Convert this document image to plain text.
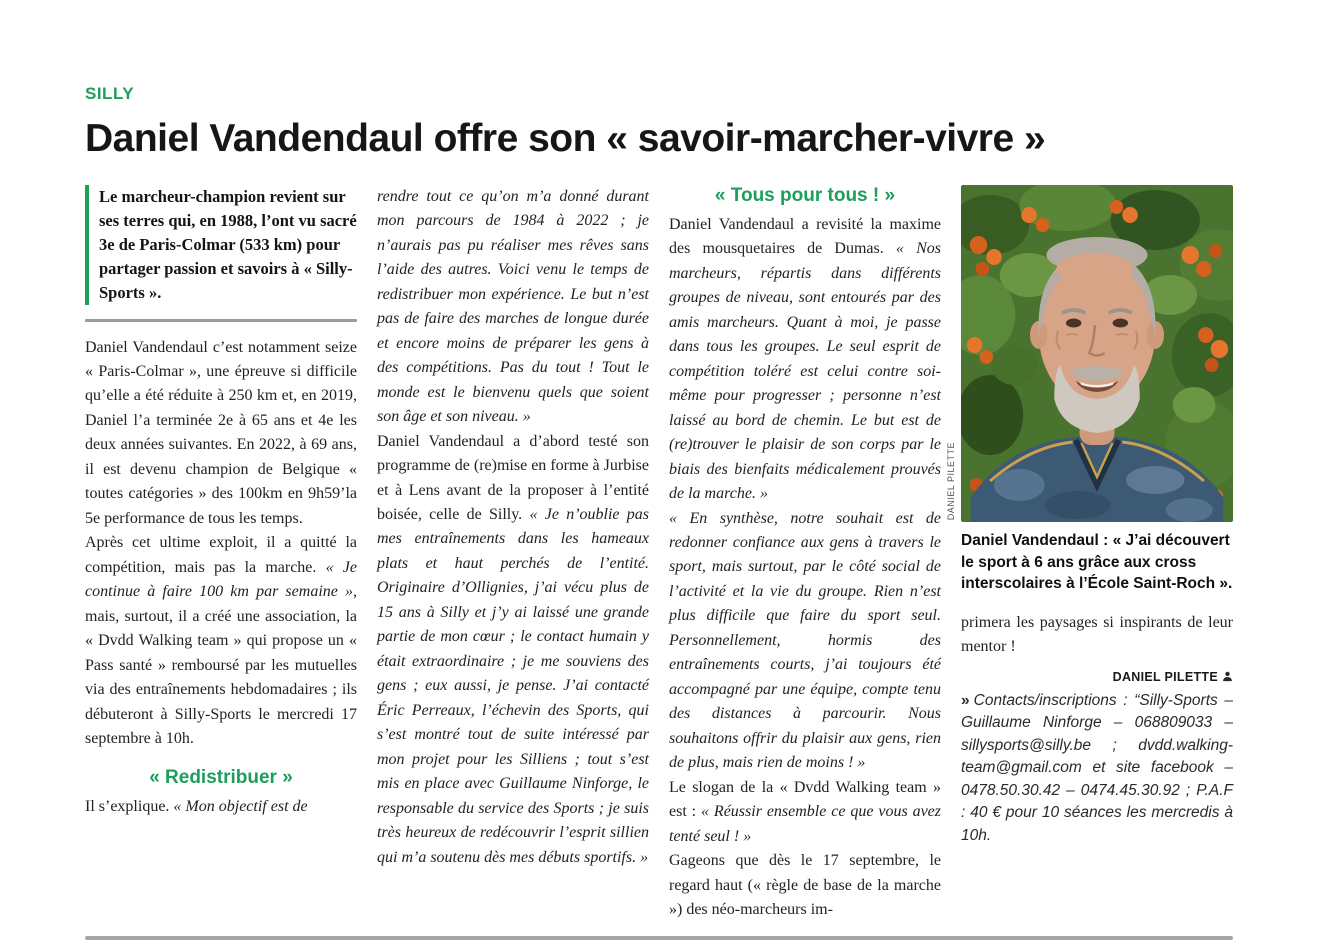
SILLY
Daniel Vandendaul offre son « savoir-marcher-vivre »
Le marcheur-champion revient sur ses terres qui, en 1988, l’ont vu sacré 3e de Paris-Colmar (533 km) pour partager passion et savoirs à « Silly-Sports ».

Daniel Vandendaul c’est notamment seize « Paris-Colmar », une épreuve si difficile qu’elle a été réduite à 250 km et, en 2019, Daniel l’a terminée 2e à 65 ans et 4e les deux années suivantes. En 2022, à 69 ans, il est devenu champion de Belgique « toutes catégories » des 100km en 9h59’la 5e performance de tous les temps.

Après cet ultime exploit, il a quitté la compétition, mais pas la marche. « Je continue à faire 100 km par semaine », mais, surtout, il a créé une association, la « Dvdd Walking team » qui propose un « Pass santé » remboursé par les mutuelles via des entraînements hebdomadaires ; ils débuteront à Silly-Sports le mercredi 17 septembre à 10h.

« Redistribuer »

Il s’explique. « Mon objectif est de

rendre tout ce qu’on m’a donné durant mon parcours de 1984 à 2022 ; je n’aurais pas pu réaliser mes rêves sans l’aide des autres. Voici venu le temps de redistribuer mon expérience. Le but n’est pas de faire des marches de longue durée et encore moins de préparer les gens à des compétitions. Pas du tout ! Tout le monde est le bienvenu quels que soient son âge et son niveau. »

Daniel Vandendaul a d’abord testé son programme de (re)mise en forme à Jurbise et à Lens avant de la proposer à l’entité boisée, celle de Silly. « Je n’oublie pas mes entraînements dans les hameaux plats et haut perchés de l’entité. Originaire d’Ollignies, j’ai vécu plus de 15 ans à Silly et j’y ai laissé une grande partie de mon cœur ; le contact humain y était extraordinaire ; je me souviens des gens ; eux aussi, je pense. J’ai contacté Éric Perreaux, l’échevin des Sports, qui s’est montré tout de suite intéressé par mon projet pour les Silliens ; tout s’est mis en place avec Guillaume Ninforge, le responsable du service des Sports ; je suis très heureux de redécouvrir l’esprit sillien qui m’a soutenu dès mes débuts sportifs. »

« Tous pour tous ! »

Daniel Vandendaul a revisité la maxime des mousquetaires de Dumas. « Nos marcheurs, répartis dans différents groupes de niveau, sont entourés par des amis marcheurs. Quant à moi, je passe dans tous les groupes. Le seul esprit de compétition toléré est celui contre soi-même pour progresser ; personne n’est laissé au bord de chemin. Le but est de (re)trouver le plaisir de son corps par le biais des bienfaits médicalement prouvés de la marche. »

« En synthèse, notre souhait est de redonner confiance aux gens à travers le sport, mais surtout, par le côté social de l’activité et la vie du groupe. Rien n’est plus difficile que faire du sport seul. Personnellement, hormis des entraînements courts, j’ai toujours été accompagné par une équipe, compte tenu des distances à parcourir. Nous souhaitons offrir du plaisir aux gens, rien de plus, mais rien de moins ! »

Le slogan de la « Dvdd Walking team » est : « Réussir ensemble ce que vous avez tenté seul ! »

Gageons que dès le 17 septembre, le regard haut (« règle de base de la marche ») des néo-marcheurs im-

DANIEL PILETTE
Daniel Vandendaul : « J’ai découvert le sport à 6 ans grâce aux cross interscolaires à l’École Saint-Roch ».

primera les paysages si inspirants de leur mentor !

DANIEL PILETTE
» Contacts/inscriptions : “Silly-Sports – Guillaume Ninforge – 068809033 – sillysports@silly.be ; dvdd.walking-team@gmail.com et site facebook – 0478.50.30.42 – 0474.45.30.92 ; P.A.F : 40 € pour 10 séances les mercredis à 10h.
